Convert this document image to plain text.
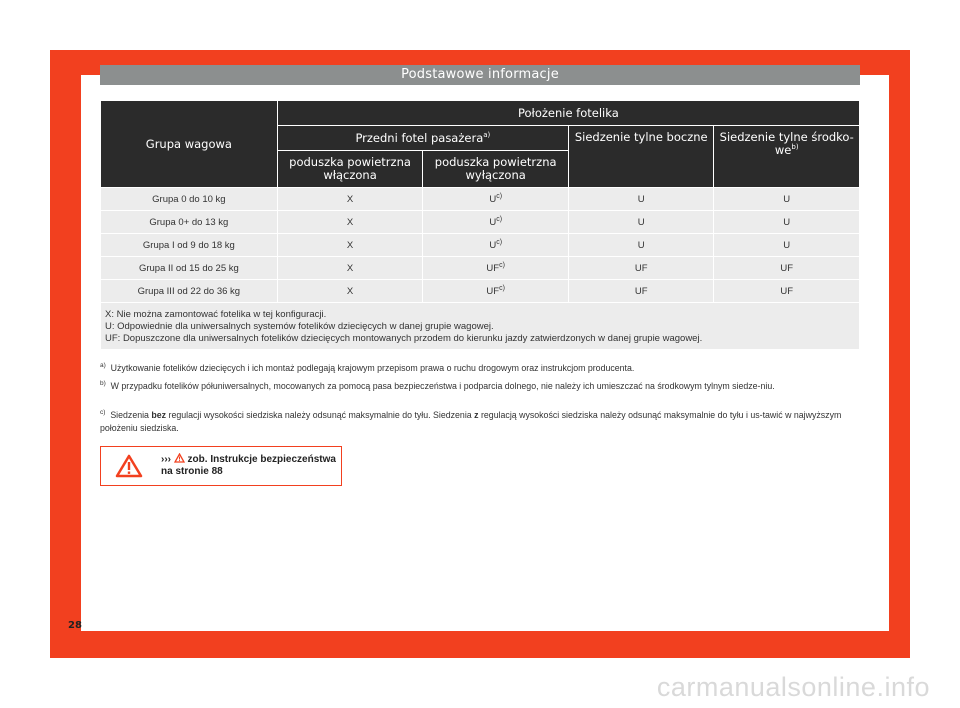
Podstawowe informacje
Grupa wagowa	Położenie fotelika			
	Przedni fotel pasażera$^{a)}$		Siedzenie tylne boczne	Siedzenie tylne środko-$we^{b)}$
	poduszka powietrzna włączona	poduszka powietrzna wyłączona		
Grupa 0 do 10 kg	X	$U^{c)}$	U	U
Grupa 0+ do 13 kg	X	$U^{c)}$	U	U
Grupa I od 9 do 18 kg	X	$U^{c)}$	U	U
Grupa II od 15 do 25 kg	X	UF$^{c)}$	UF	UF
Grupa III od 22 do 36 kg	X	UF$^{c)}$	UF	UF

X: Nie można zamontować fotelika w tej konfiguracji.
U: Odpowiednie dla uniwersalnych systemów fotelików dziecięcych w danej grupie wagowej.
UF: Dopuszczone dla uniwersalnych fotelików dziecięcych montowanych przodem do kierunku jazdy zatwierdzonych w danej grupie wagowej.				
$^{a)}$ Użytkowanie fotelików dziecięcych i ich montaż podlegają krajowym przepisom prawa o ruchu drogowym oraz instrukcjom producenta.
$^{b)}$ W przypadku fotelików półuniwersalnych, mocowanych za pomocą pasa bezpieczeństwa i podparcia dolnego, nie należy ich umieszczać na środkowym tylnym siedze-niu.
$^{c)}$ Siedzenia bez regulacji wysokości siedziska należy odsunąć maksymalnie do tyłu. Siedzenia z regulacją wysokości siedziska należy odsunąć maksymalnie do tyłu i us-tawić w najwyższym położeniu siedziska.
›››  zob. Instrukcje bezpieczeństwa
na stronie 88
28
carmanualsonline.info
